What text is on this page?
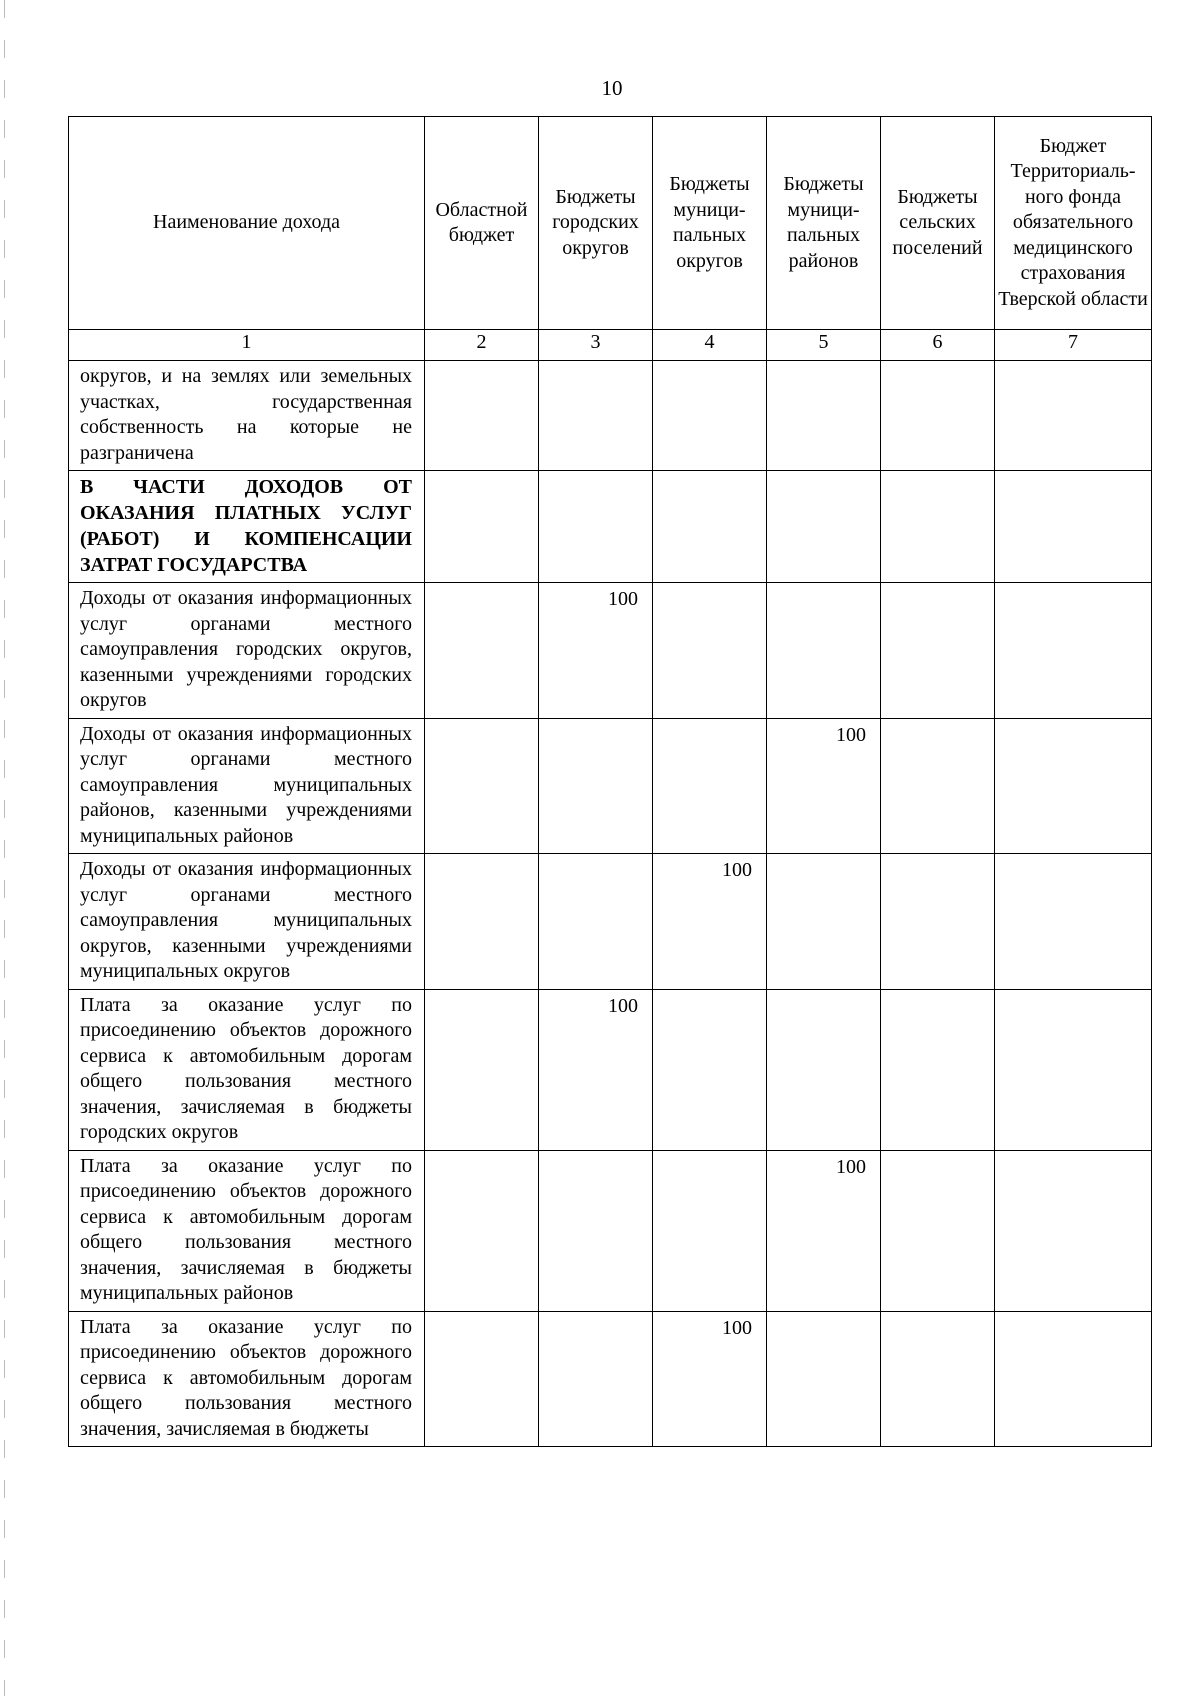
10
Наименование дохода	Областной бюджет	Бюджеты городских округов	Бюджеты муници-пальных округов	Бюджеты муници-пальных районов	Бюджеты сельских поселений	Бюджет Территориаль-ного фонда обязательного медицинского страхования Тверской области
1	2	3	4	5	6	7
округов, и на землях или земельных участках, государственная собственность на которые не разграничена						
В ЧАСТИ ДОХОДОВ ОТ ОКАЗАНИЯ ПЛАТНЫХ УСЛУГ (РАБОТ) И КОМПЕНСАЦИИ ЗАТРАТ ГОСУДАРСТВА						
Доходы от оказания информационных услуг органами местного самоуправления городских округов, казенными учреждениями городских округов		100				
Доходы от оказания информационных услуг органами местного самоуправления муниципальных районов, казенными учреждениями муниципальных районов				100		
Доходы от оказания информационных услуг органами местного самоуправления муниципальных округов, казенными учреждениями муниципальных округов			100			
Плата за оказание услуг по присоединению объектов дорожного сервиса к автомобильным дорогам общего пользования местного значения, зачисляемая в бюджеты городских округов		100				
Плата за оказание услуг по присоединению объектов дорожного сервиса к автомобильным дорогам общего пользования местного значения, зачисляемая в бюджеты муниципальных районов				100		
Плата за оказание услуг по присоединению объектов дорожного сервиса к автомобильным дорогам общего пользования местного значения, зачисляемая в бюджеты			100			
